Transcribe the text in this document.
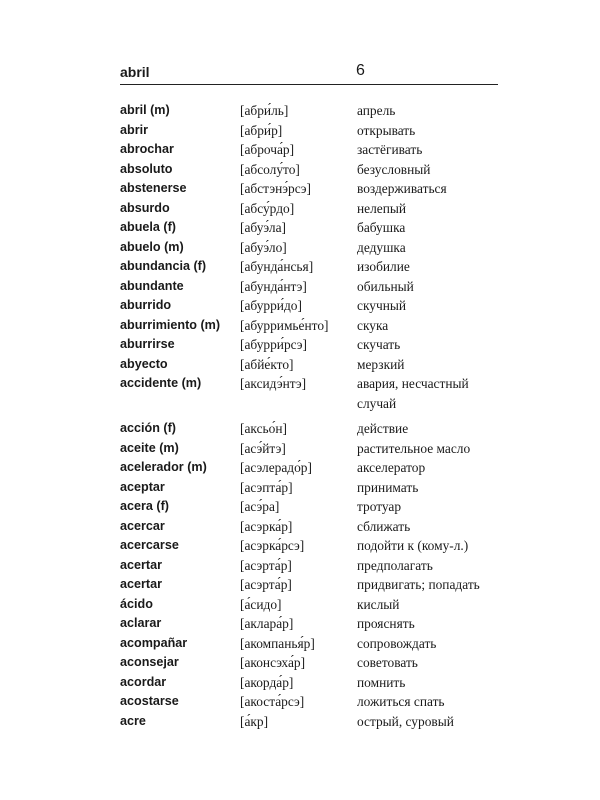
abril	6
abril (m)	[абри́ль]	апрель
abrir	[абри́р]	открывать
abrochar	[аброча́р]	застёгивать
absoluto	[абсолу́то]	безусловный
abstenerse	[абстэнэ́рсэ]	воздерживаться
absurdo	[абсу́рдо]	нелепый
abuela (f)	[абуэ́ла]	бабушка
abuelo (m)	[абуэ́ло]	дедушка
abundancia (f)	[абунда́нсья]	изобилие
abundante	[абунда́нтэ]	обильный
aburrido	[абурри́до]	скучный
aburrimiento (m)	[абурримье́нто]	скука
aburrirse	[абурри́рсэ]	скучать
abyecto	[абйе́кто]	мерзкий
accidente (m)	[аксидэ́нтэ]	авария, несчастный случай
acción (f)	[аксьо́н]	действие
aceite (m)	[асэ́йтэ]	растительное масло
acelerador (m)	[асэлерадо́р]	акселератор
aceptar	[асэпта́р]	принимать
acera (f)	[асэ́ра]	тротуар
acercar	[асэрка́р]	сближать
acercarse	[асэрка́рсэ]	подойти к (кому-л.)
acertar	[асэрта́р]	предполагать
acertar	[асэрта́р]	придвигать; попадать
ácido	[а́сидо]	кислый
aclarar	[аклара́р]	прояснять
acompañar	[акомпанья́р]	сопровождать
aconsejar	[аконсэха́р]	советовать
acordar	[акорда́р]	помнить
acostarse	[акоста́рсэ]	ложиться спать
acre	[а́кр]	острый, суровый
